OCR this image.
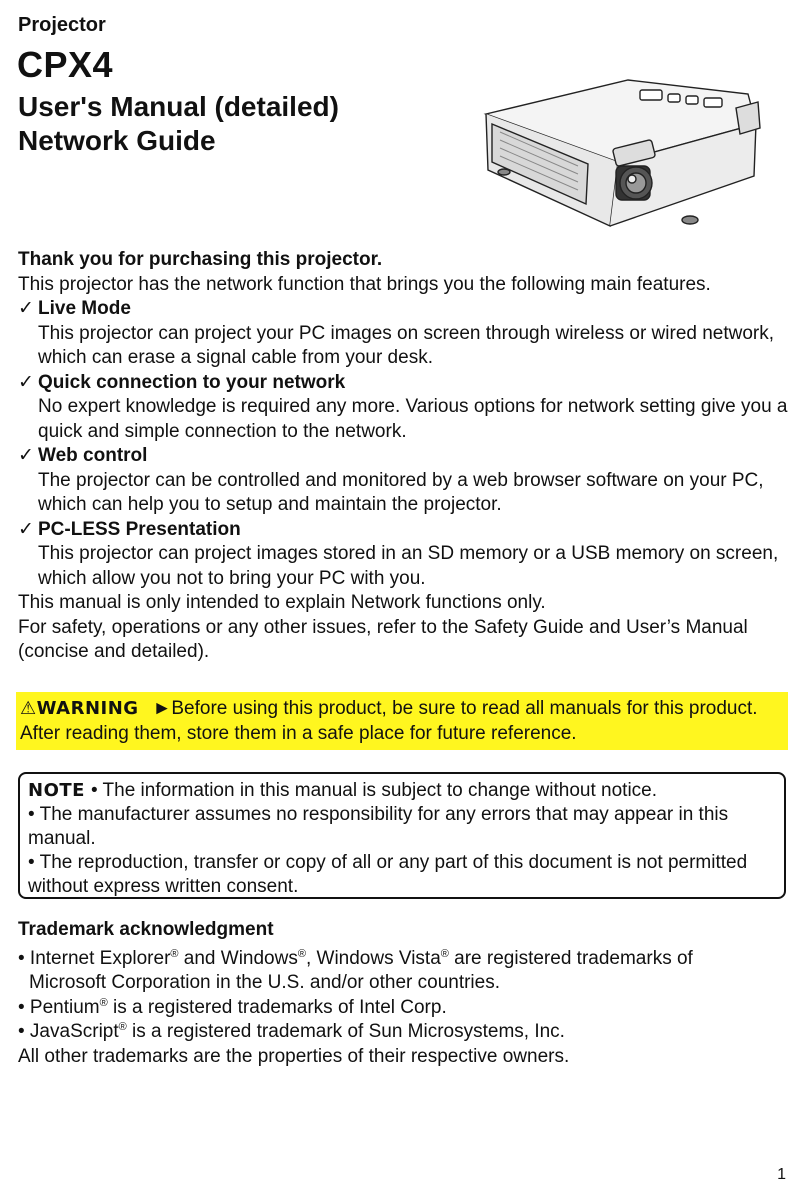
Projector
CPX4
User's Manual (detailed)
Network Guide

Thank you for purchasing this projector.

This projector has the network function that brings you the following main features.

✓ Live Mode
This projector can project your PC images on screen through wireless or wired network, which can erase a signal cable from your desk.
✓ Quick connection to your network
No expert knowledge is required any more. Various options for network setting give you a quick and simple connection to the network.
✓ Web control
The projector can be controlled and monitored by a web browser software on your PC, which can help you to setup and maintain the projector.
✓ PC-LESS Presentation
This projector can project images stored in an SD memory or a USB memory on screen, which allow you not to bring your PC with you.

This manual is only intended to explain Network functions only.

For safety, operations or any other issues, refer to the Safety Guide and User’s Manual (concise and detailed).

⚠WARNING ►Before using this product, be sure to read all manuals for this product. After reading them, store them in a safe place for future reference.

NOTE • The information in this manual is subject to change without notice.

• The manufacturer assumes no responsibility for any errors that may appear in this manual.

• The reproduction, transfer or copy of all or any part of this document is not permitted without express written consent.

Trademark acknowledgment

• Internet Explorer® and Windows®, Windows Vista® are registered trademarks of

Microsoft Corporation in the U.S. and/or other countries.

• Pentium® is a registered trademarks of Intel Corp.

• JavaScript® is a registered trademark of Sun Microsystems, Inc.

All other trademarks are the properties of their respective owners.

1
